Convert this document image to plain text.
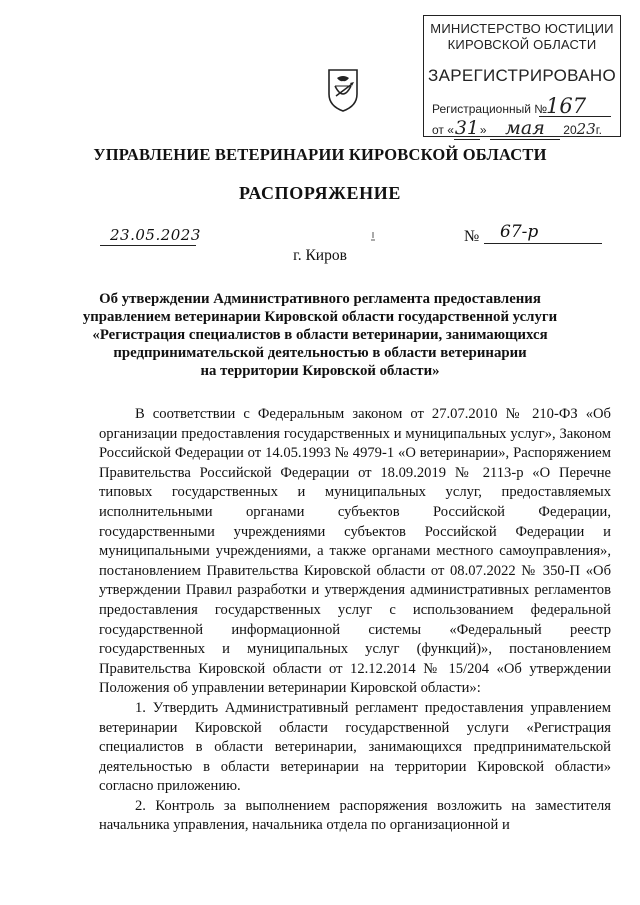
МИНИСТЕРСТВО ЮСТИЦИИ
КИРОВСКОЙ ОБЛАСТИ
ЗАРЕГИСТРИРОВАНО
Регистрационный №
167
от «31» мая 2023г.
УПРАВЛЕНИЕ ВЕТЕРИНАРИИ КИРОВСКОЙ ОБЛАСТИ
РАСПОРЯЖЕНИЕ
23.05.2023	№ 67-р
г. Киров
Об утверждении Административного регламента предоставления
управлением ветеринарии Кировской области государственной услуги
«Регистрация специалистов в области ветеринарии, занимающихся
предпринимательской деятельностью в области ветеринарии
на территории Кировской области»

В соответствии с Федеральным законом от 27.07.2010 № 210-ФЗ «Об организации предоставления государственных и муниципальных услуг», Законом Российской Федерации от 14.05.1993 № 4979-1 «О ветеринарии», Распоряжением Правительства Российской Федерации от 18.09.2019 № 2113-р «О Перечне типовых государственных и муниципальных услуг, предоставляемых исполнительными органами субъектов Российской Федерации, государственными учреждениями субъектов Российской Федерации и муниципальными учреждениями, а также органами местного самоуправления», постановлением Правительства Кировской области от 08.07.2022 № 350-П «Об утверждении Правил разработки и утверждения административных регламентов предоставления государственных услуг с использованием федеральной государственной информационной системы «Федеральный реестр государственных и муниципальных услуг (функций)», постановлением Правительства Кировской области от 12.12.2014 № 15/204 «Об утверждении Положения об управлении ветеринарии Кировской области»:

1. Утвердить Административный регламент предоставления управлением ветеринарии Кировской области государственной услуги «Регистрация специалистов в области ветеринарии, занимающихся предпринимательской деятельностью в области ветеринарии на территории Кировской области» согласно приложению.

2. Контроль за выполнением распоряжения возложить на заместителя начальника управления, начальника отдела по организационной и
